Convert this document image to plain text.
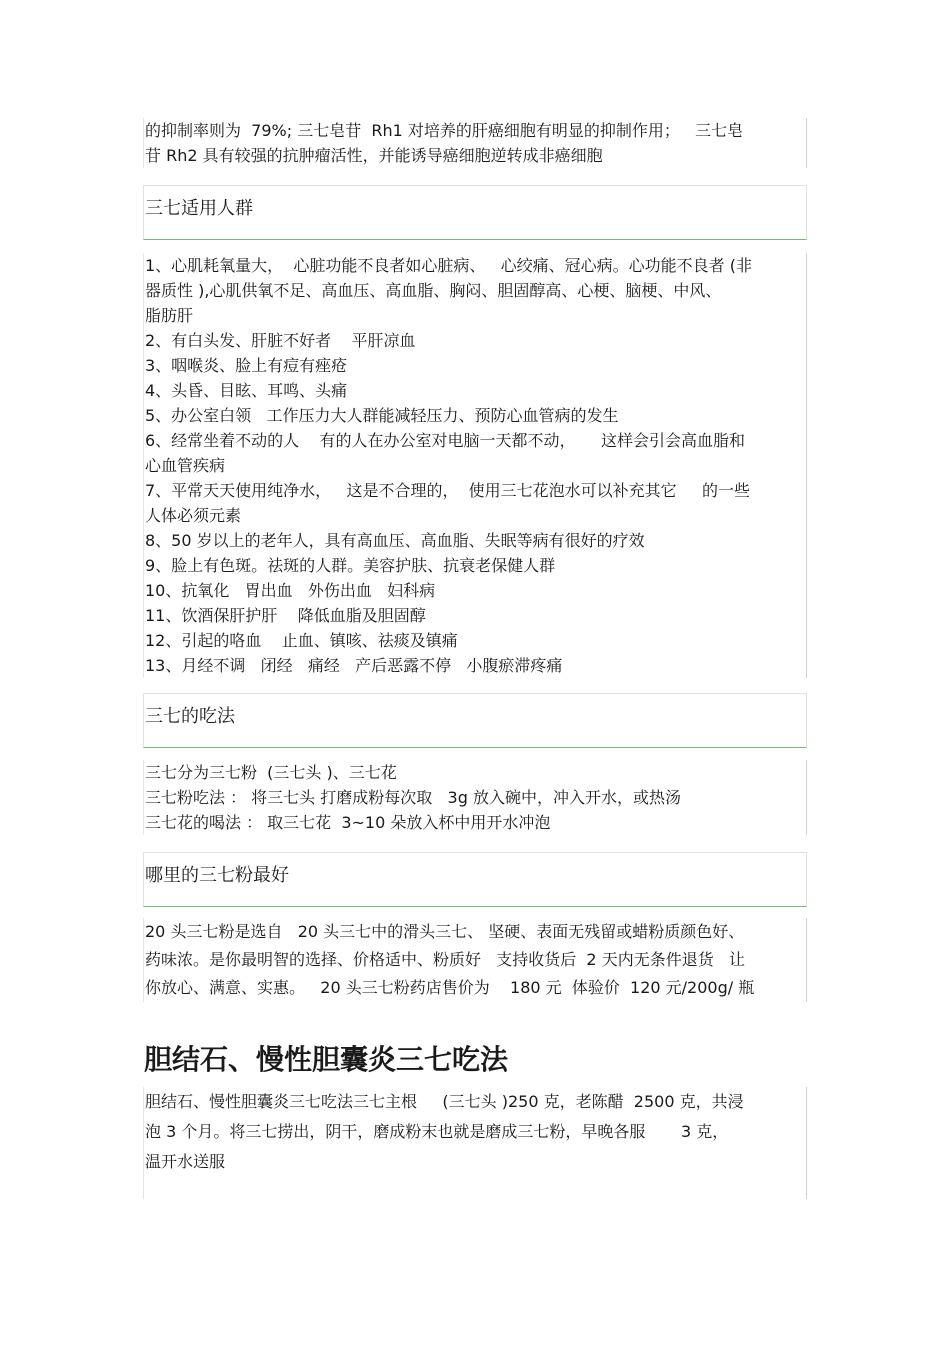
的抑制率则为  79%; 三七皂苷  Rh1 对培养的肝癌细胞有明显的抑制作用；   三七皂

苷 Rh2 具有较强的抗肿瘤活性，并能诱导癌细胞逆转成非癌细胞

三七适用人群

1、心肌耗氧量大，  心脏功能不良者如心脏病、   心绞痛、冠心病。心功能不良者 (非

器质性 ),心肌供氧不足、高血压、高血脂、胸闷、胆固醇高、心梗、脑梗、中风、

脂肪肝

2、有白头发、肝脏不好者    平肝凉血

3、咽喉炎、脸上有痘有痤疮

4、头昏、目眩、耳鸣、头痛

5、办公室白领   工作压力大人群能减轻压力、预防心血管病的发生

6、经常坐着不动的人    有的人在办公室对电脑一天都不动，     这样会引会高血脂和

心血管疾病

7、平常天天使用纯净水，   这是不合理的，  使用三七花泡水可以补充其它     的一些

人体必须元素

8、50 岁以上的老年人，具有高血压、高血脂、失眠等病有很好的疗效

9、脸上有色斑。祛斑的人群。美容护肤、抗衰老保健人群

10、抗氧化   胃出血   外伤出血   妇科病

11、饮酒保肝护肝    降低血脂及胆固醇

12、引起的咯血    止血、镇咳、祛痰及镇痛

13、月经不调   闭经   痛经   产后恶露不停   小腹瘀滞疼痛

三七的吃法

三七分为三七粉  (三七头 )、三七花

三七粉吃法 ： 将三七头 打磨成粉每次取   3g 放入碗中，冲入开水，或热汤

三七花的喝法 ： 取三七花  3~10 朵放入杯中用开水冲泡

哪里的三七粉最好

20 头三七粉是选自   20 头三七中的滑头三七、 坚硬、表面无残留或蜡粉质颜色好、

药味浓。是你最明智的选择、价格适中、粉质好   支持收货后  2 天内无条件退货   让

你放心、满意、实惠。   20 头三七粉药店售价为    180 元  体验价  120 元/200g/ 瓶

胆结石、慢性胆囊炎三七吃法

胆结石、慢性胆囊炎三七吃法三七主根     (三七头 )250 克，老陈醋  2500 克，共浸

泡 3 个月。将三七捞出，阴干，磨成粉末也就是磨成三七粉，早晚各服       3 克，

温开水送服
